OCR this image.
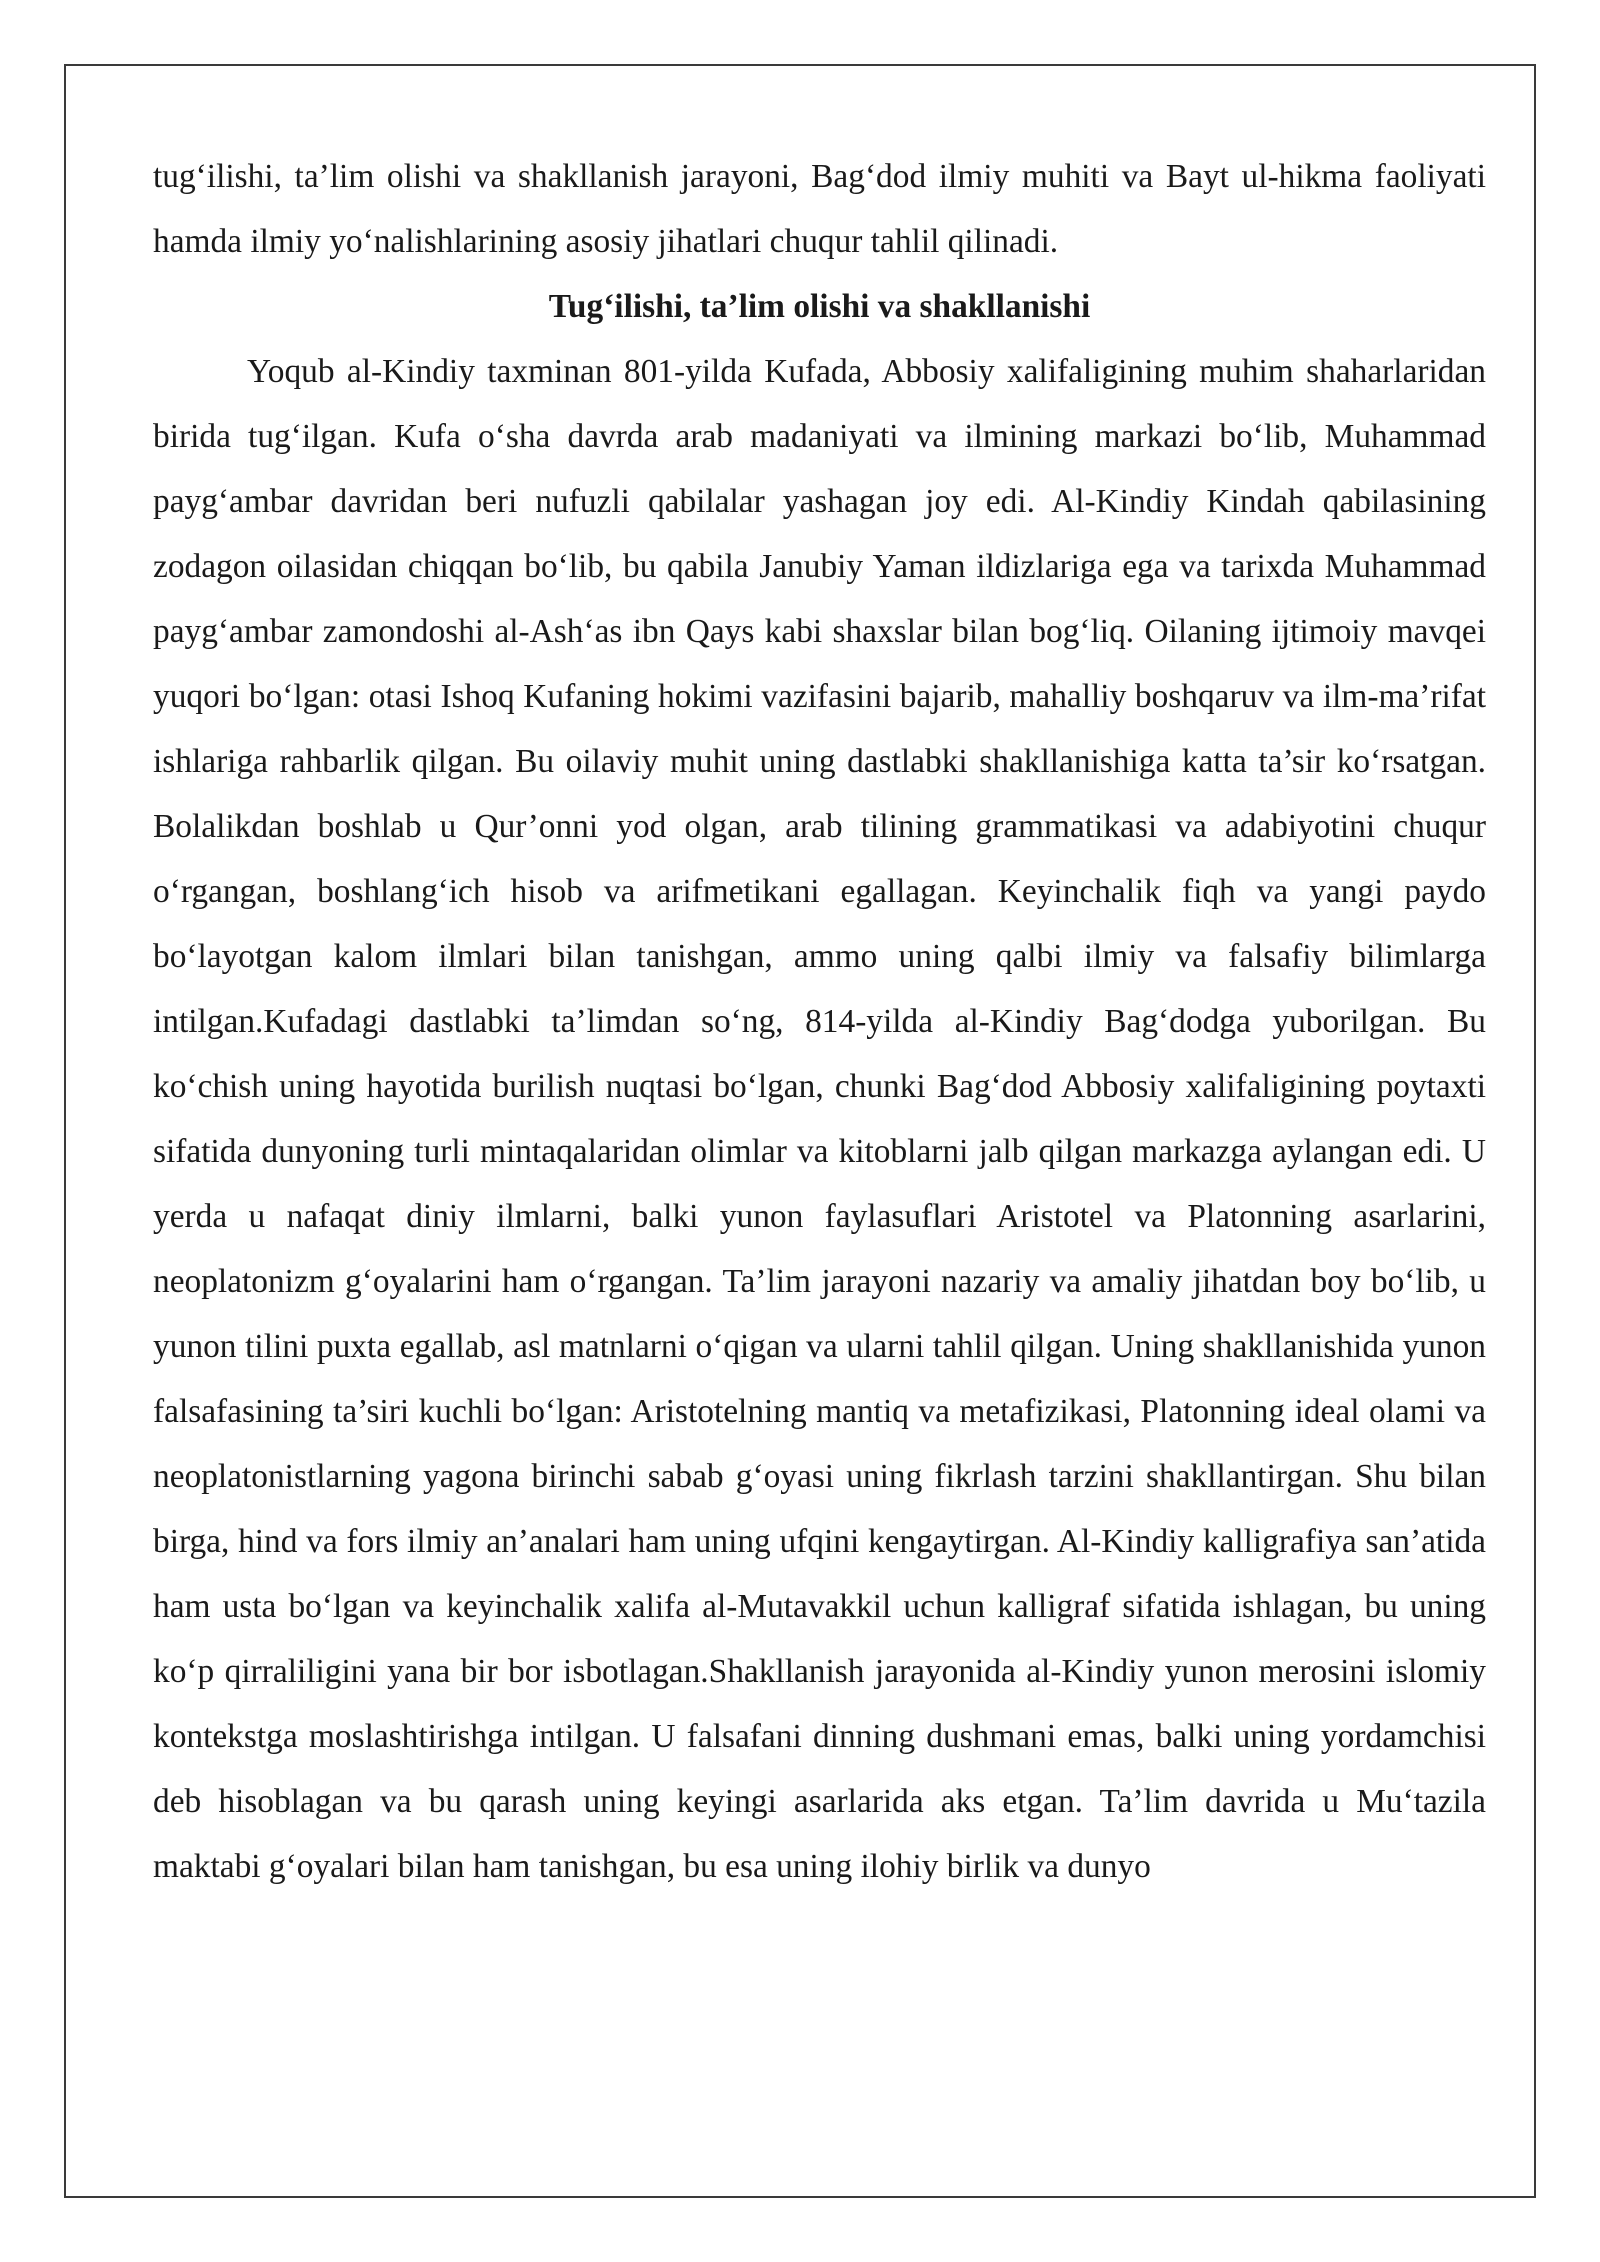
tug‘ilishi, ta’lim olishi va shakllanish jarayoni, Bag‘dod ilmiy muhiti va Bayt ul-hikma faoliyati hamda ilmiy yo‘nalishlarining asosiy jihatlari chuqur tahlil qilinadi.

Tug‘ilishi, ta’lim olishi va shakllanishi

Yoqub al-Kindiy taxminan 801-yilda Kufada, Abbosiy xalifaligining muhim shaharlaridan birida tug‘ilgan. Kufa o‘sha davrda arab madaniyati va ilmining markazi bo‘lib, Muhammad payg‘ambar davridan beri nufuzli qabilalar yashagan joy edi. Al-Kindiy Kindah qabilasining zodagon oilasidan chiqqan bo‘lib, bu qabila Janubiy Yaman ildizlariga ega va tarixda Muhammad payg‘ambar zamondoshi al-Ash‘as ibn Qays kabi shaxslar bilan bog‘liq. Oilaning ijtimoiy mavqei yuqori bo‘lgan: otasi Ishoq Kufaning hokimi vazifasini bajarib, mahalliy boshqaruv va ilm-ma’rifat ishlariga rahbarlik qilgan. Bu oilaviy muhit uning dastlabki shakllanishiga katta ta’sir ko‘rsatgan. Bolalikdan boshlab u Qur’onni yod olgan, arab tilining grammatikasi va adabiyotini chuqur o‘rgangan, boshlang‘ich hisob va arifmetikani egallagan. Keyinchalik fiqh va yangi paydo bo‘layotgan kalom ilmlari bilan tanishgan, ammo uning qalbi ilmiy va falsafiy bilimlarga intilgan.Kufadagi dastlabki ta’limdan so‘ng, 814-yilda al-Kindiy Bag‘dodga yuborilgan. Bu ko‘chish uning hayotida burilish nuqtasi bo‘lgan, chunki Bag‘dod Abbosiy xalifaligining poytaxti sifatida dunyoning turli mintaqalaridan olimlar va kitoblarni jalb qilgan markazga aylangan edi. U yerda u nafaqat diniy ilmlarni, balki yunon faylasuflari Aristotel va Platonning asarlarini, neoplatonizm g‘oyalarini ham o‘rgangan. Ta’lim jarayoni nazariy va amaliy jihatdan boy bo‘lib, u yunon tilini puxta egallab, asl matnlarni o‘qigan va ularni tahlil qilgan. Uning shakllanishida yunon falsafasining ta’siri kuchli bo‘lgan: Aristotelning mantiq va metafizikasi, Platonning ideal olami va neoplatonistlarning yagona birinchi sabab g‘oyasi uning fikrlash tarzini shakllantirgan. Shu bilan birga, hind va fors ilmiy an’analari ham uning ufqini kengaytirgan. Al-Kindiy kalligrafiya san’atida ham usta bo‘lgan va keyinchalik xalifa al-Mutavakkil uchun kalligraf sifatida ishlagan, bu uning ko‘p qirraliligini yana bir bor isbotlagan.Shakllanish jarayonida al-Kindiy yunon merosini islomiy kontekstga moslashtirishga intilgan. U falsafani dinning dushmani emas, balki uning yordamchisi deb hisoblagan va bu qarash uning keyingi asarlarida aks etgan. Ta’lim davrida u Mu‘tazila maktabi g‘oyalari bilan ham tanishgan, bu esa uning ilohiy birlik va dunyo
